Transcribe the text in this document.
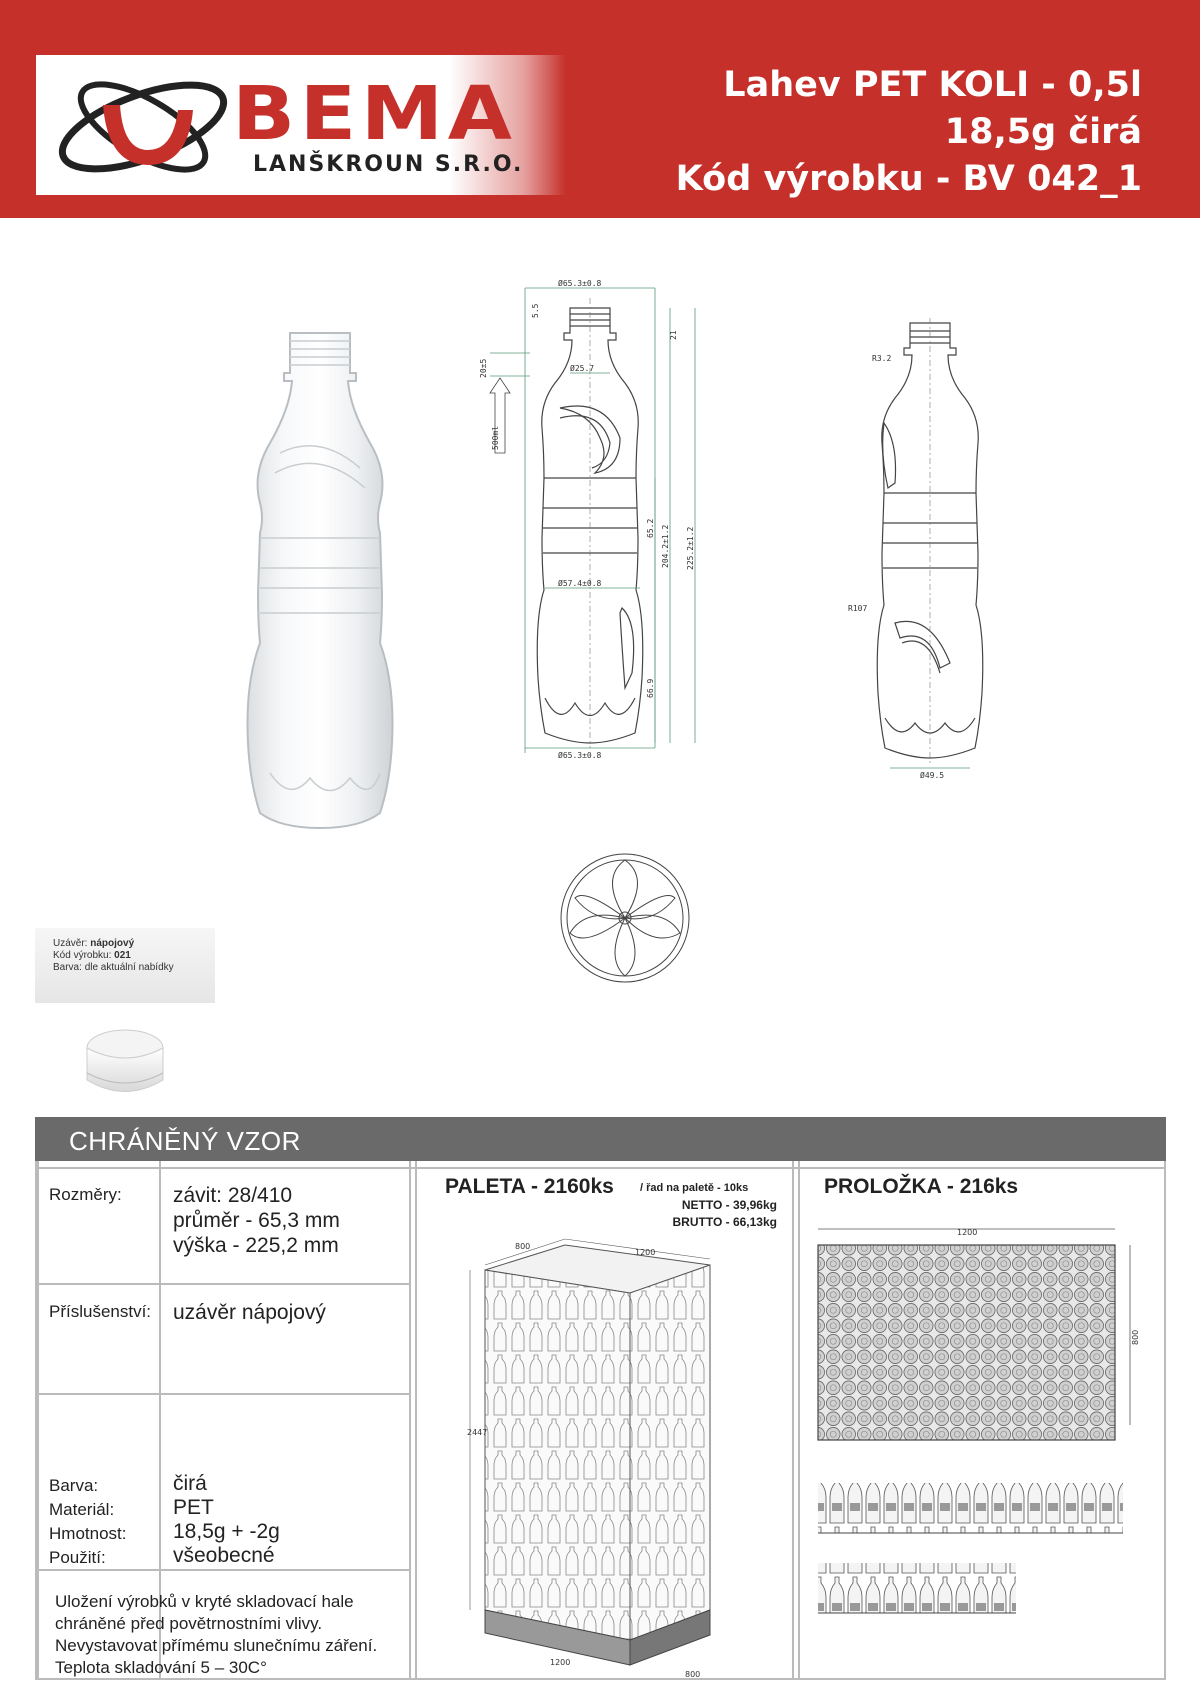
BEMA
LANŠKROUN S.R.O.
Lahev PET KOLI - 0,5l
18,5g čirá
Kód výrobku - BV 042_1
Ø65.3±0.8
5.5
21
20±5	Ø25.7
500ml
65.2 204.2±1.2 225.2±1.2
Ø57.4±0.8
66.9
Ø65.3±0.8
R3.2
R107
Ø49.5
Uzávěr: nápojový
Kód výrobku: 021
Barva: dle aktuální nabídky
CHRÁNĚNÝ VZOR
Rozměry: závit: 28/410
průměr - 65,3 mm
výška - 225,2 mm
Příslušenství: uzávěr nápojový
Barva:
Materiál:
Hmotnost:
Použití:
čirá
PET
18,5g + -2g
všeobecné
Uložení výrobků v kryté skladovací hale
chráněné před povětrnostními vlivy.
Nevystavovat přímému slunečnímu záření.
Teplota skladování 5 – 30C°
PALETA - 2160ks / řad na paletě - 10ks
NETTO - 39,96kg
BRUTTO - 66,13kg
800
1200
2447
1200
800
PROLOŽKA - 216ks
1200
800
